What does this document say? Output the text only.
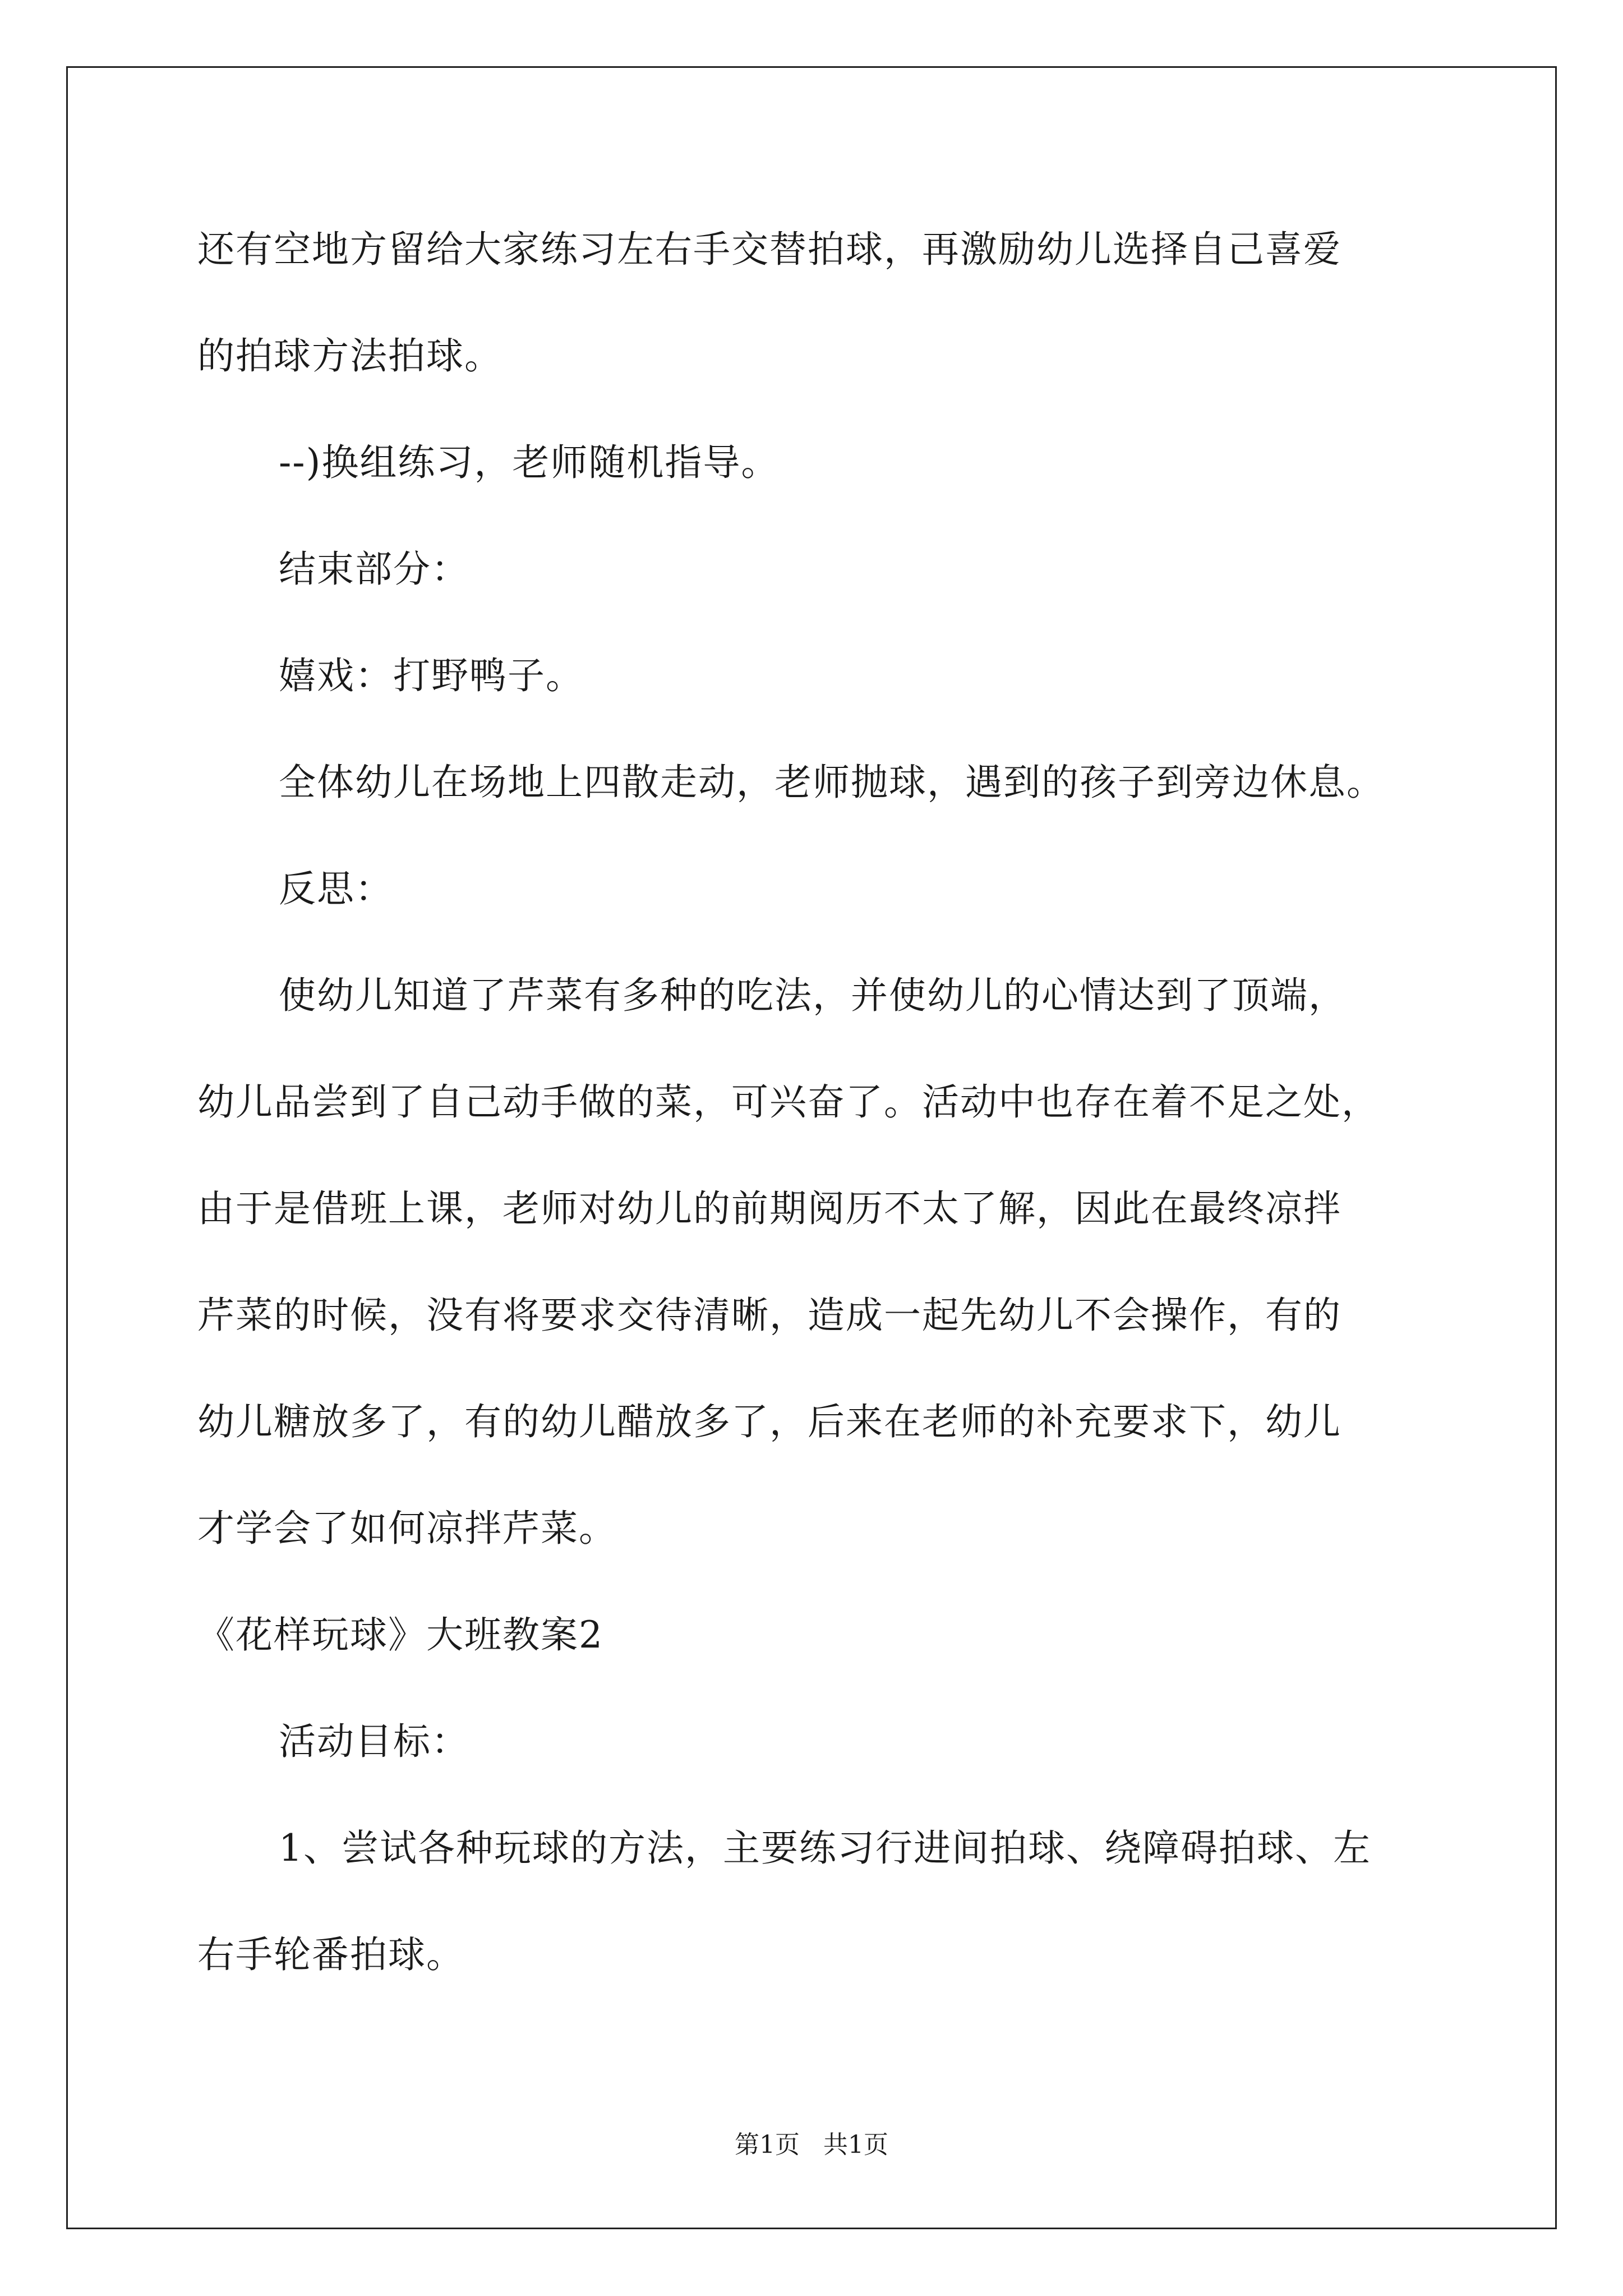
还有空地方留给大家练习左右手交替拍球，再激励幼儿选择自己喜爱
的拍球方法拍球。
--)换组练习，老师随机指导。
结束部分：
嬉戏：打野鸭子。
全体幼儿在场地上四散走动，老师抛球，遇到的孩子到旁边休息。
反思：
使幼儿知道了芹菜有多种的吃法，并使幼儿的心情达到了顶端，
幼儿品尝到了自己动手做的菜，可兴奋了。活动中也存在着不足之处，
由于是借班上课，老师对幼儿的前期阅历不太了解，因此在最终凉拌
芹菜的时候，没有将要求交待清晰，造成一起先幼儿不会操作，有的
幼儿糖放多了，有的幼儿醋放多了，后来在老师的补充要求下，幼儿
才学会了如何凉拌芹菜。
《花样玩球》大班教案2
活动目标：
1、尝试各种玩球的方法，主要练习行进间拍球、绕障碍拍球、左
右手轮番拍球。
第1页   共1页
